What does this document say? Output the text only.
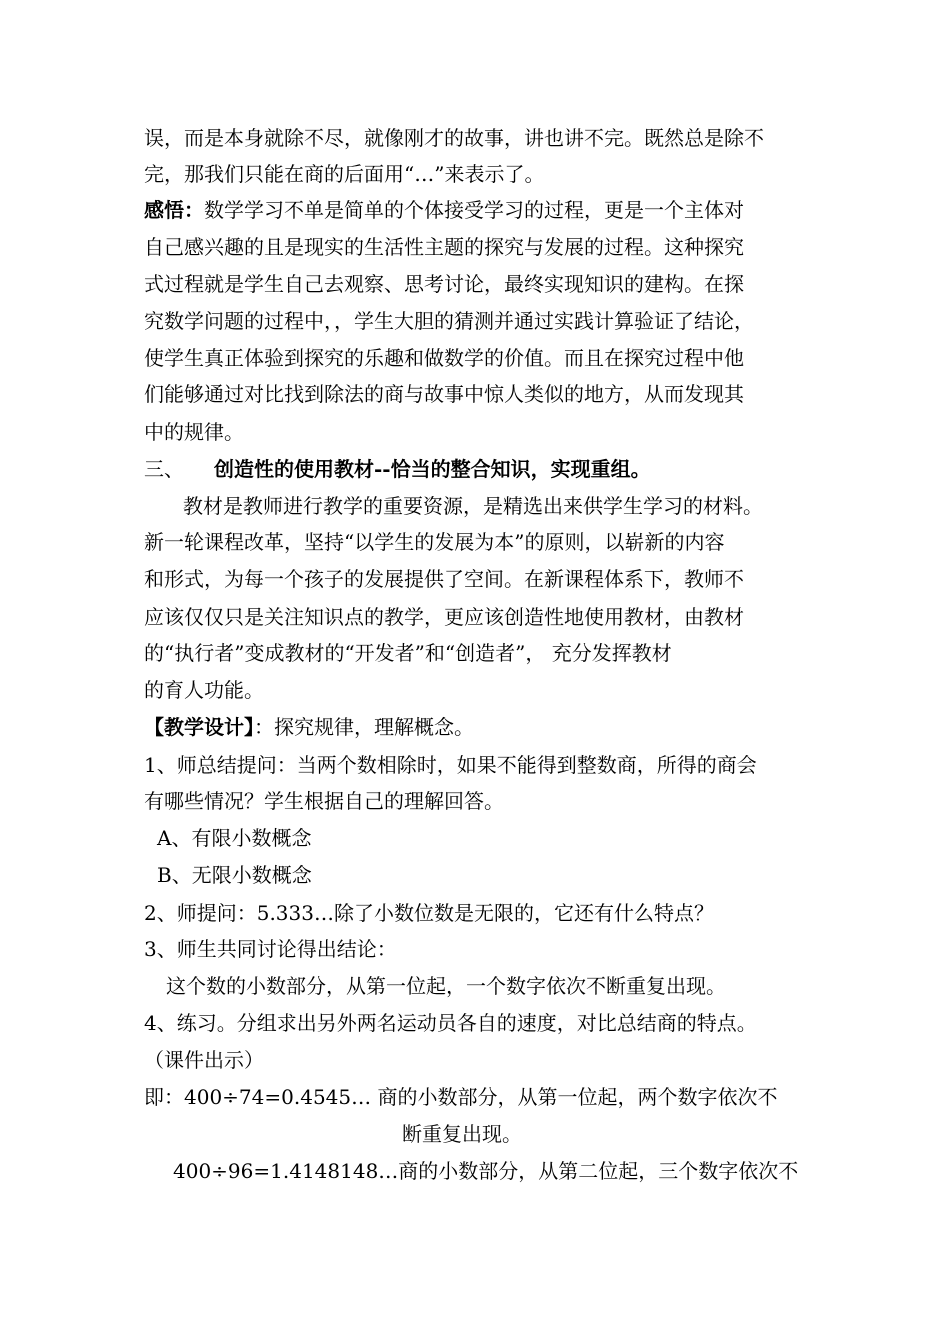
误，而是本身就除不尽，就像刚才的故事，讲也讲不完。既然总是除不
完，那我们只能在商的后面用“…”来表示了。
感悟：数学学习不单是简单的个体接受学习的过程，更是一个主体对
自己感兴趣的且是现实的生活性主题的探究与发展的过程。这种探究
式过程就是学生自己去观察、思考讨论，最终实现知识的建构。在探
究数学问题的过程中，，学生大胆的猜测并通过实践计算验证了结论，
使学生真正体验到探究的乐趣和做数学的价值。而且在探究过程中他
们能够通过对比找到除法的商与故事中惊人类似的地方，从而发现其
中的规律。
三、 创造性的使用教材--恰当的整合知识，实现重组。
教材是教师进行教学的重要资源，是精选出来供学生学习的材料。
新一轮课程改革，坚持“以学生的发展为本”的原则，以崭新的内容
和形式，为每一个孩子的发展提供了空间。在新课程体系下，教师不
应该仅仅只是关注知识点的教学，更应该创造性地使用教材，由教材
的“执行者”变成教材的“开发者”和“创造者”， 充分发挥教材
的育人功能。
【教学设计】：探究规律，理解概念。
1、师总结提问：当两个数相除时，如果不能得到整数商，所得的商会
有哪些情况？学生根据自己的理解回答。
A、有限小数概念
B、无限小数概念
2、师提问：5.333…除了小数位数是无限的，它还有什么特点？
3、师生共同讨论得出结论：
这个数的小数部分，从第一位起，一个数字依次不断重复出现。
4、练习。分组求出另外两名运动员各自的速度，对比总结商的特点。
（课件出示）
即：400÷74=0.4545… 商的小数部分，从第一位起，两个数字依次不
断重复出现。
400÷96=1.4148148…商的小数部分，从第二位起，三个数字依次不
